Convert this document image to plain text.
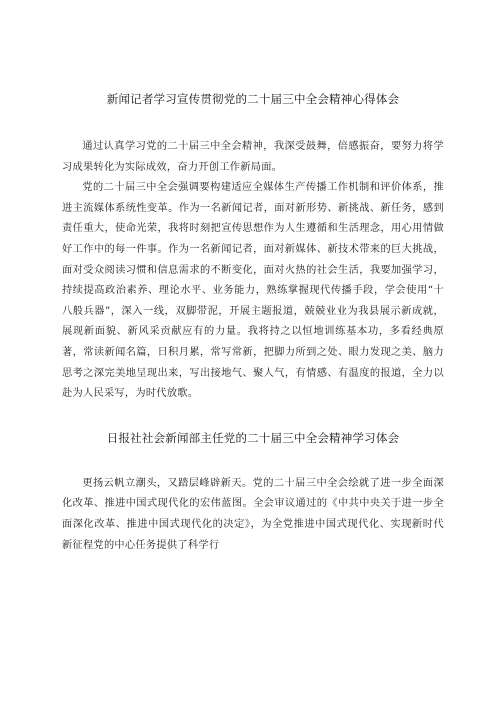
新闻记者学习宣传贯彻党的二十届三中全会精神心得体会

通过认真学习党的二十届三中全会精神，我深受鼓舞，倍感振奋，要努力将学习成果转化为实际成效，奋力开创工作新局面。

党的二十届三中全会强调要构建适应全媒体生产传播工作机制和评价体系，推进主流媒体系统性变革。作为一名新闻记者，面对新形势、新挑战、新任务，感到责任重大，使命光荣，我将时刻把宣传思想作为人生遵循和生活理念，用心用情做好工作中的每一件事。作为一名新闻记者，面对新媒体、新技术带来的巨大挑战，面对受众阅读习惯和信息需求的不断变化，面对火热的社会生活，我要加强学习，持续提高政治素养、理论水平、业务能力，熟练掌握现代传播手段，学会使用“十八般兵器”，深入一线，双脚带泥，开展主题报道，兢兢业业为我县展示新成就，展现新面貌、新风采贡献应有的力量。我将持之以恒地训练基本功，多看经典原著，常读新闻名篇，日积月累，常写常新，把脚力所到之处、眼力发现之美、脑力思考之深完美地呈现出来，写出接地气、聚人气，有情感、有温度的报道，全力以赴为人民采写，为时代放歌。

日报社社会新闻部主任党的二十届三中全会精神学习体会

更扬云帆立潮头，又踏层峰辟新天。党的二十届三中全会绘就了进一步全面深化改革、推进中国式现代化的宏伟蓝图。全会审议通过的《中共中央关于进一步全面深化改革、推进中国式现代化的决定》，为全党推进中国式现代化、实现新时代新征程党的中心任务提供了科学行
